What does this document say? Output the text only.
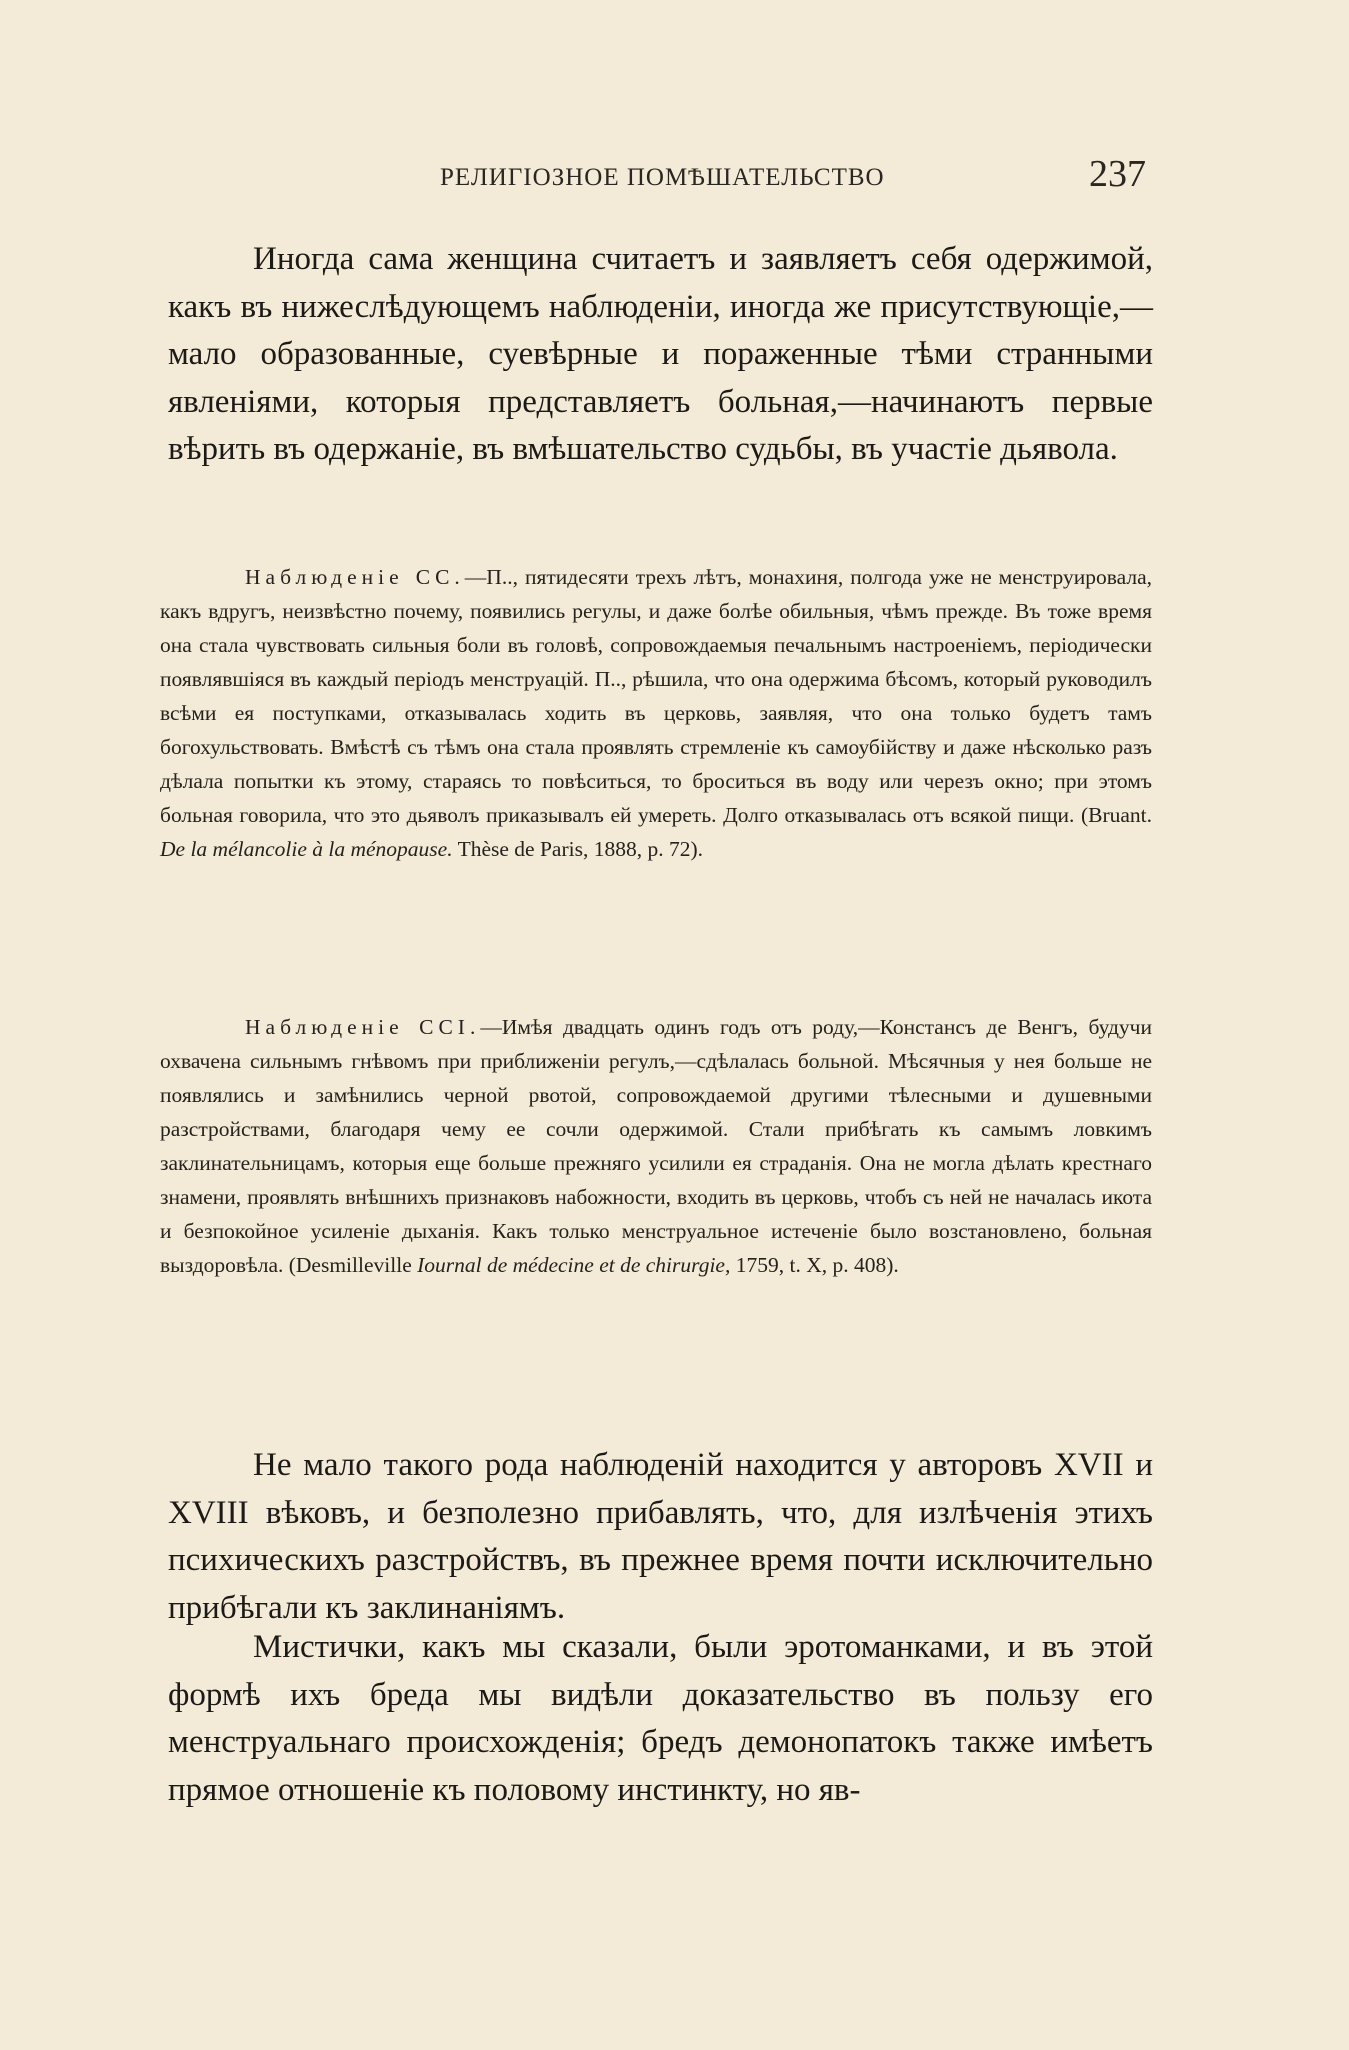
РЕЛИГІОЗНОЕ ПОМѢШАТЕЛЬСТВО	237

Иногда сама женщина считаетъ и заявляетъ себя одержимой, какъ въ нижеслѣдующемъ наблюденіи, иногда же присутствующіе,—мало образованные, суевѣрные и пораженные тѣми странными явленіями, которыя представляетъ больная,—начинаютъ первые вѣрить въ одержаніе, въ вмѣшательство судьбы, въ участіе дьявола.

Наблюденіе CC.—П.., пятидесяти трехъ лѣтъ, монахиня, полгода уже не менструировала, какъ вдругъ, неизвѣстно почему, появились регулы, и даже болѣе обильныя, чѣмъ прежде. Въ тоже время она стала чувствовать сильныя боли въ головѣ, сопровождаемыя печальнымъ настроеніемъ, періодически появлявшіяся въ каждый періодъ менструацій. П.., рѣшила, что она одержима бѣсомъ, который руководилъ всѣми ея поступками, отказывалась ходить въ церковь, заявляя, что она только будетъ тамъ богохульствовать. Вмѣстѣ съ тѣмъ она стала проявлять стремленіе къ самоубійству и даже нѣсколько разъ дѣлала попытки къ этому, стараясь то повѣситься, то броситься въ воду или черезъ окно; при этомъ больная говорила, что это дьяволъ приказывалъ ей умереть. Долго отказывалась отъ всякой пищи. (Bruant. De la mélancolie à la ménopause. Thèse de Paris, 1888, p. 72).

Наблюденіе CCI.—Имѣя двадцать одинъ годъ отъ роду,—Констансъ де Венгъ, будучи охвачена сильнымъ гнѣвомъ при приближеніи регулъ,—сдѣлалась больной. Мѣсячныя у нея больше не появлялись и замѣнились черной рвотой, сопровождаемой другими тѣлесными и душевными разстройствами, благодаря чему ее сочли одержимой. Стали прибѣгать къ самымъ ловкимъ заклинательницамъ, которыя еще больше прежняго усилили ея страданія. Она не могла дѣлать крестнаго знамени, проявлять внѣшнихъ признаковъ набожности, входить въ церковь, чтобъ съ ней не началась икота и безпокойное усиленіе дыханія. Какъ только менструальное истеченіе было возстановлено, больная выздоровѣла. (Desmilleville Iournal de médecine et de chirurgie, 1759, t. X, p. 408).

Не мало такого рода наблюденій находится у авторовъ XVII и XVIII вѣковъ, и безполезно прибавлять, что, для излѣченія этихъ психическихъ разстройствъ, въ прежнее время почти исключительно прибѣгали къ заклинаніямъ.

Мистички, какъ мы сказали, были эротоманками, и въ этой формѣ ихъ бреда мы видѣли доказательство въ пользу его менструальнаго происхожденія; бредъ демонопатокъ также имѣетъ прямое отношеніе къ половому инстинкту, но яв-
